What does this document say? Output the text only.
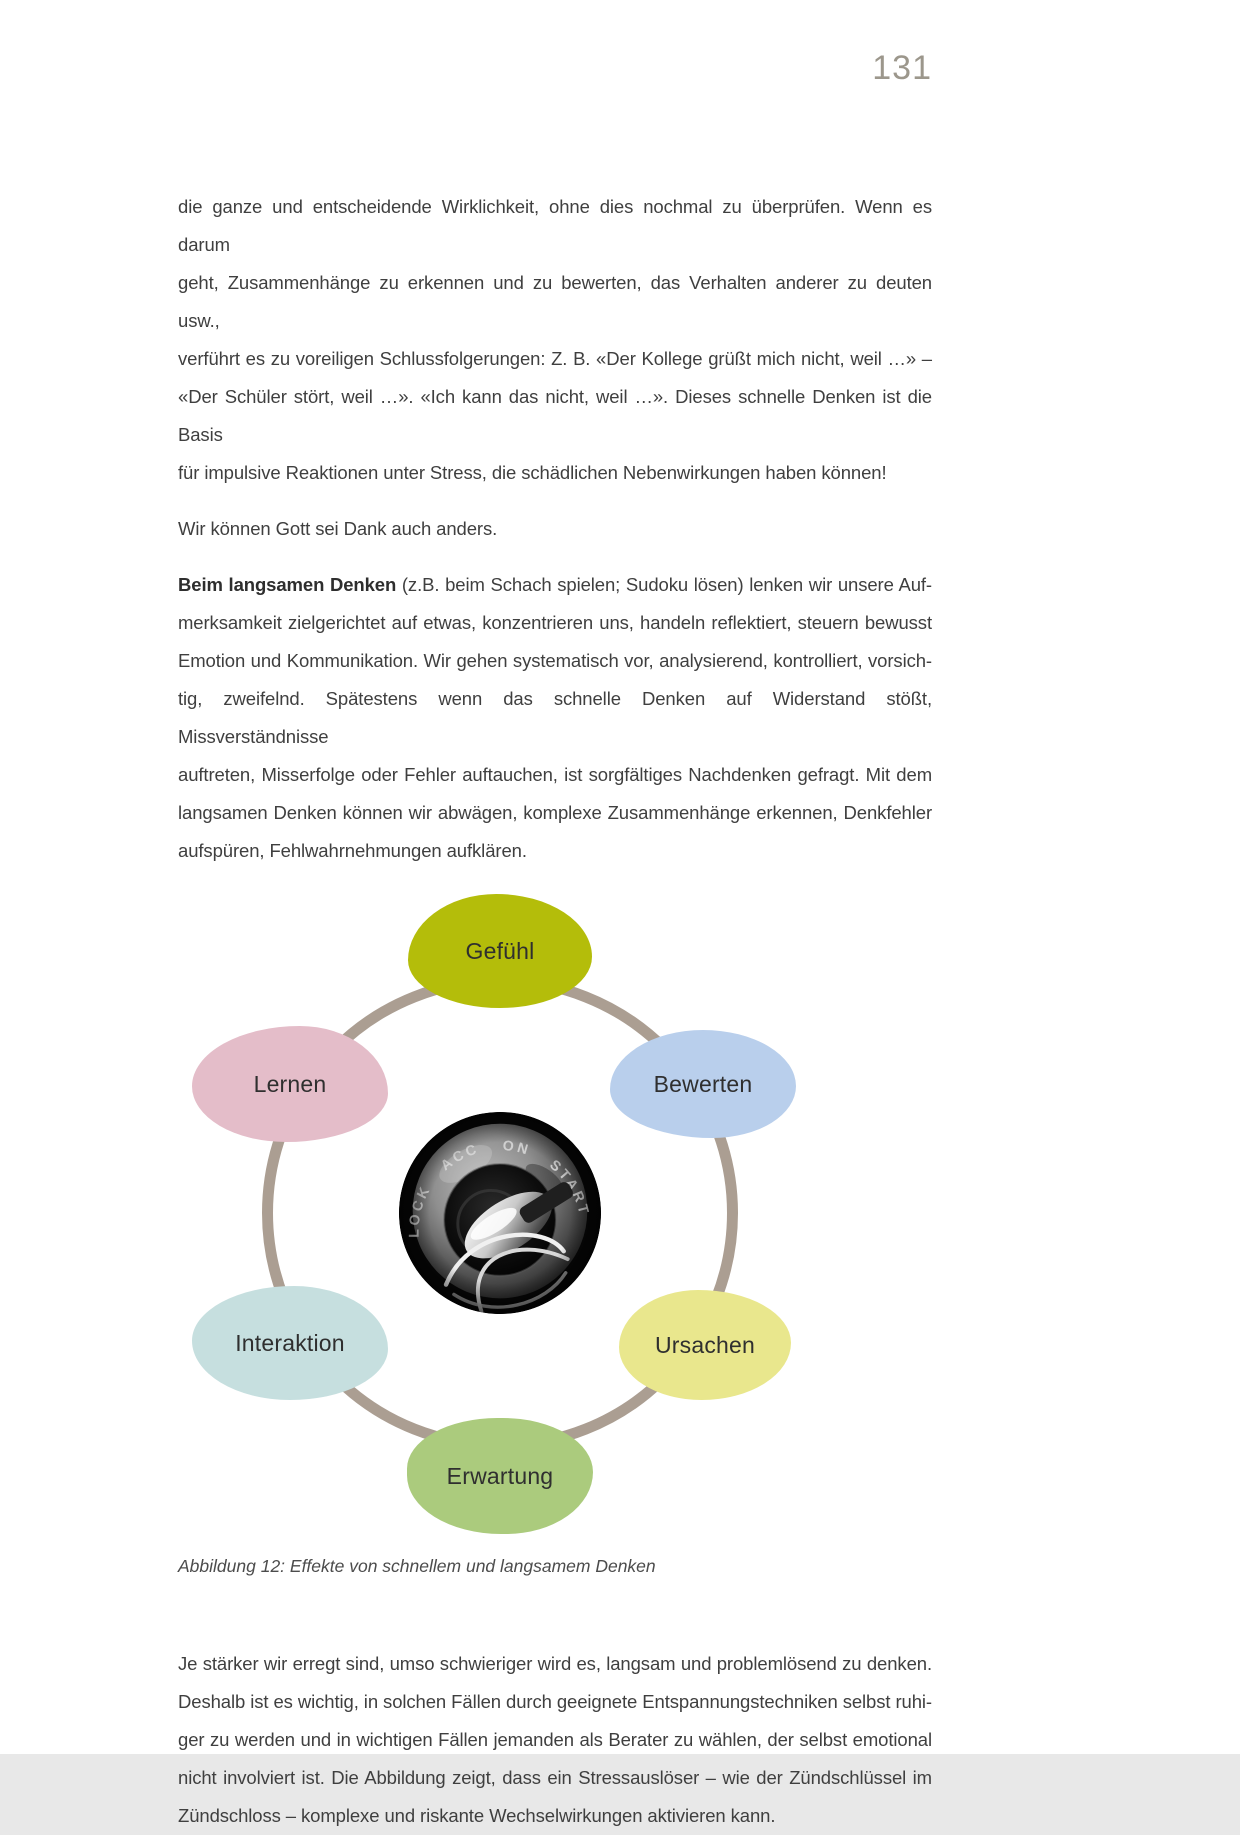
131
die ganze und entscheidende Wirklichkeit, ohne dies nochmal zu überprüfen. Wenn es darum
geht, Zusammenhänge zu erkennen und zu bewerten, das Verhalten anderer zu deuten usw.,
verführt es zu voreiligen Schlussfolgerungen: Z. B. «Der Kollege grüßt mich nicht, weil …» –
«Der Schüler stört, weil …». «Ich kann das nicht, weil …». Dieses schnelle Denken ist die Basis
für impulsive Reaktionen unter Stress, die schädlichen Nebenwirkungen haben können!
Wir können Gott sei Dank auch anders.
Beim langsamen Denken (z.B. beim Schach spielen; Sudoku lösen) lenken wir unsere Auf-
merksamkeit zielgerichtet auf etwas, konzentrieren uns, handeln reflektiert, steuern bewusst
Emotion und Kommunikation. Wir gehen systematisch vor, analysierend, kontrolliert, vorsich-
tig, zweifelnd. Spätestens wenn das schnelle Denken auf Widerstand stößt, Missverständnisse
auftreten, Misserfolge oder Fehler auftauchen, ist sorgfältiges Nachdenken gefragt. Mit dem
langsamen Denken können wir abwägen, komplexe Zusammenhänge erkennen, Denkfehler
aufspüren, Fehlwahrnehmungen aufklären.
Gefühl
Lernen	Bewerten
Interaktion	Ursachen
Erwartung
Abbildung 12: Effekte von schnellem und langsamem Denken
Je stärker wir erregt sind, umso schwieriger wird es, langsam und problemlösend zu denken.
Deshalb ist es wichtig, in solchen Fällen durch geeignete Entspannungstechniken selbst ruhi-
ger zu werden und in wichtigen Fällen jemanden als Berater zu wählen, der selbst emotional
nicht involviert ist. Die Abbildung zeigt, dass ein Stressauslöser – wie der Zündschlüssel im
Zündschloss – komplexe und riskante Wechselwirkungen aktivieren kann.
